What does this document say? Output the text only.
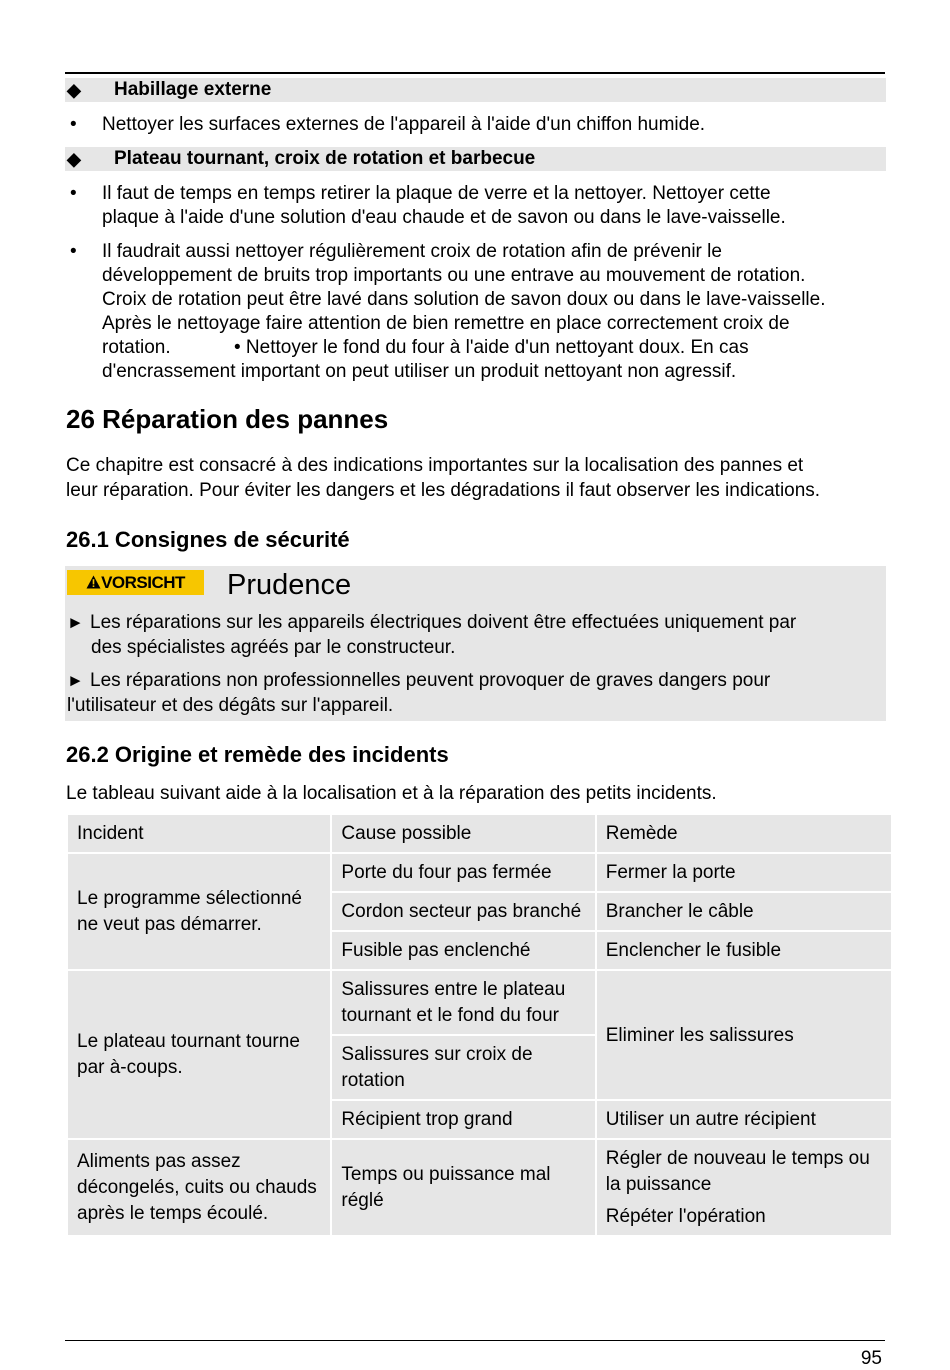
◆ Habillage externe
• Nettoyer les surfaces externes de l'appareil à l'aide d'un chiffon humide.
◆ Plateau tournant, croix de rotation et barbecue
• Il faut de temps en temps retirer la plaque de verre et la nettoyer. Nettoyer cette
plaque à l'aide d'une solution d'eau chaude et de savon ou dans le lave-vaisselle.
• Il faudrait aussi nettoyer régulièrement croix de rotation afin de prévenir le
développement de bruits trop importants ou une entrave au mouvement de rotation.
Croix de rotation peut être lavé dans solution de savon doux ou dans le lave-vaisselle.
Après le nettoyage faire attention de bien remettre en place correctement croix de
rotation.            • Nettoyer le fond du four à l'aide d'un nettoyant doux. En cas
d'encrassement important on peut utiliser un produit nettoyant non agressif.
26 Réparation des pannes

Ce chapitre est consacré à des indications importantes sur la localisation des pannes et
leur réparation. Pour éviter les dangers et les dégradations il faut observer les indications.

26.1 Consignes de sécurité
VORSICHT	Prudence
► Les réparations sur les appareils électriques doivent être effectuées uniquement par
des spécialistes agréés par le constructeur.
► Les réparations non professionnelles peuvent provoquer de graves dangers pour
l'utilisateur et des dégâts sur l'appareil.
26.2 Origine et remède des incidents

Le tableau suivant aide à la localisation et à la réparation des petits incidents.

Incident	Cause possible	Remède
Le programme sélectionné ne veut pas démarrer.	Porte du four pas fermée	Fermer la porte
	Cordon secteur pas branché	Brancher le câble
	Fusible pas enclenché	Enclencher le fusible
Le plateau tournant tourne par à-coups.	Salissures entre le plateau tournant et le fond du four	Eliminer les salissures
	Salissures sur croix de rotation	
	Récipient trop grand	Utiliser un autre récipient
Aliments pas assez décongelés, cuits ou chauds après le temps écoulé.	Temps ou puissance mal réglé	Régler de nouveau le temps ou la puissance
Répéter l'opération
95
